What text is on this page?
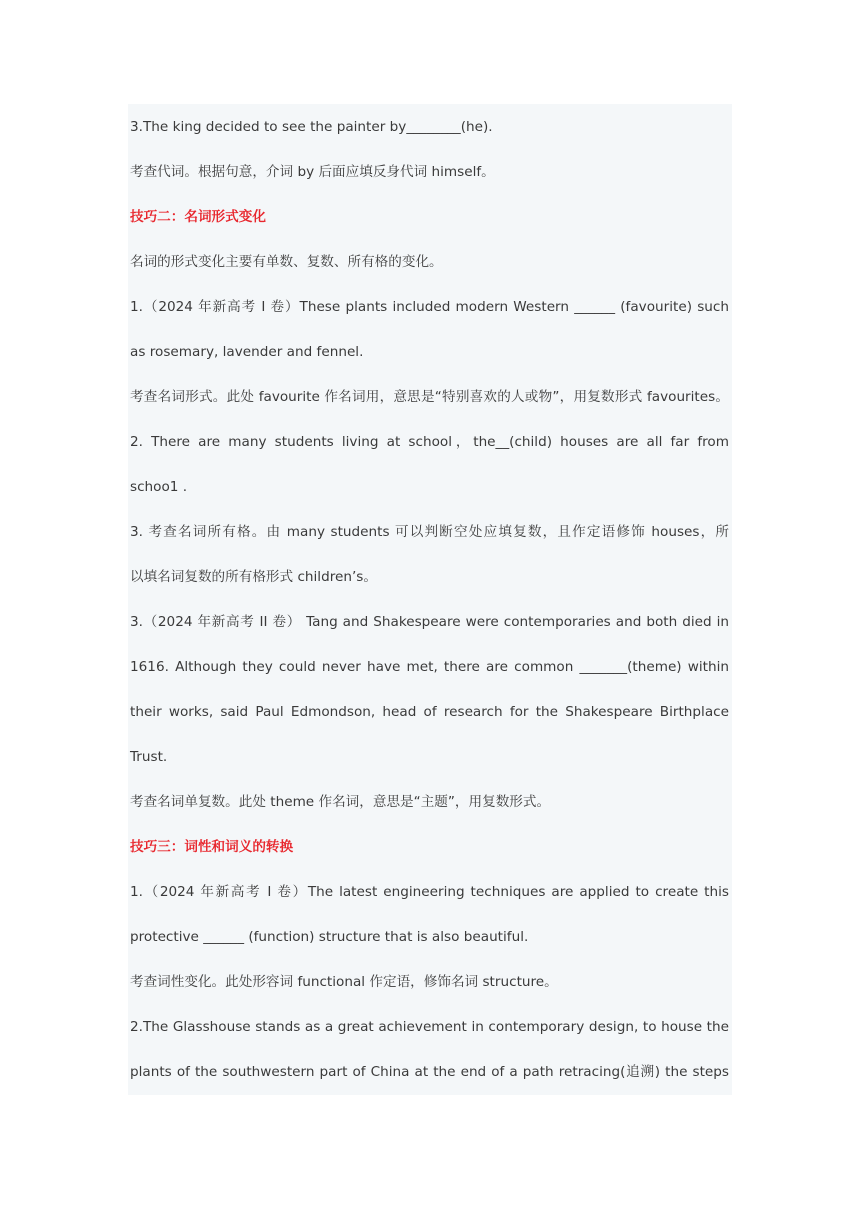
3.The king decided to see the painter by________(he).
考查代词。根据句意，介词 by 后面应填反身代词 himself。
技巧二：名词形式变化
名词的形式变化主要有单数、复数、所有格的变化。
1.（2024 年新高考 I 卷）These plants included modern Western ______ (favourite) such
as rosemary, lavender and fennel.
考查名词形式。此处 favourite 作名词用，意思是“特别喜欢的人或物”，用复数形式 favourites。
2. There are many students living at school，the__(child) houses are all far from
schoo1 .
3. 考查名词所有格。由 many students 可以判断空处应填复数，且作定语修饰 houses，所
以填名词复数的所有格形式 children’s。
3.（2024 年新高考 II 卷） Tang and Shakespeare were contemporaries and both died in
1616. Although they could never have met, there are common _______(theme) within
their works, said Paul Edmondson, head of research for the Shakespeare Birthplace
Trust.
考查名词单复数。此处 theme 作名词，意思是“主题”，用复数形式。
技巧三：词性和词义的转换
1.（2024 年新高考 I 卷）The latest engineering techniques are applied to create this
protective ______ (function) structure that is also beautiful.
考查词性变化。此处形容词 functional 作定语，修饰名词 structure。
2.The Glasshouse stands as a great achievement in contemporary design, to house the
plants of the southwestern part of China at the end of a path retracing(追溯) the steps
